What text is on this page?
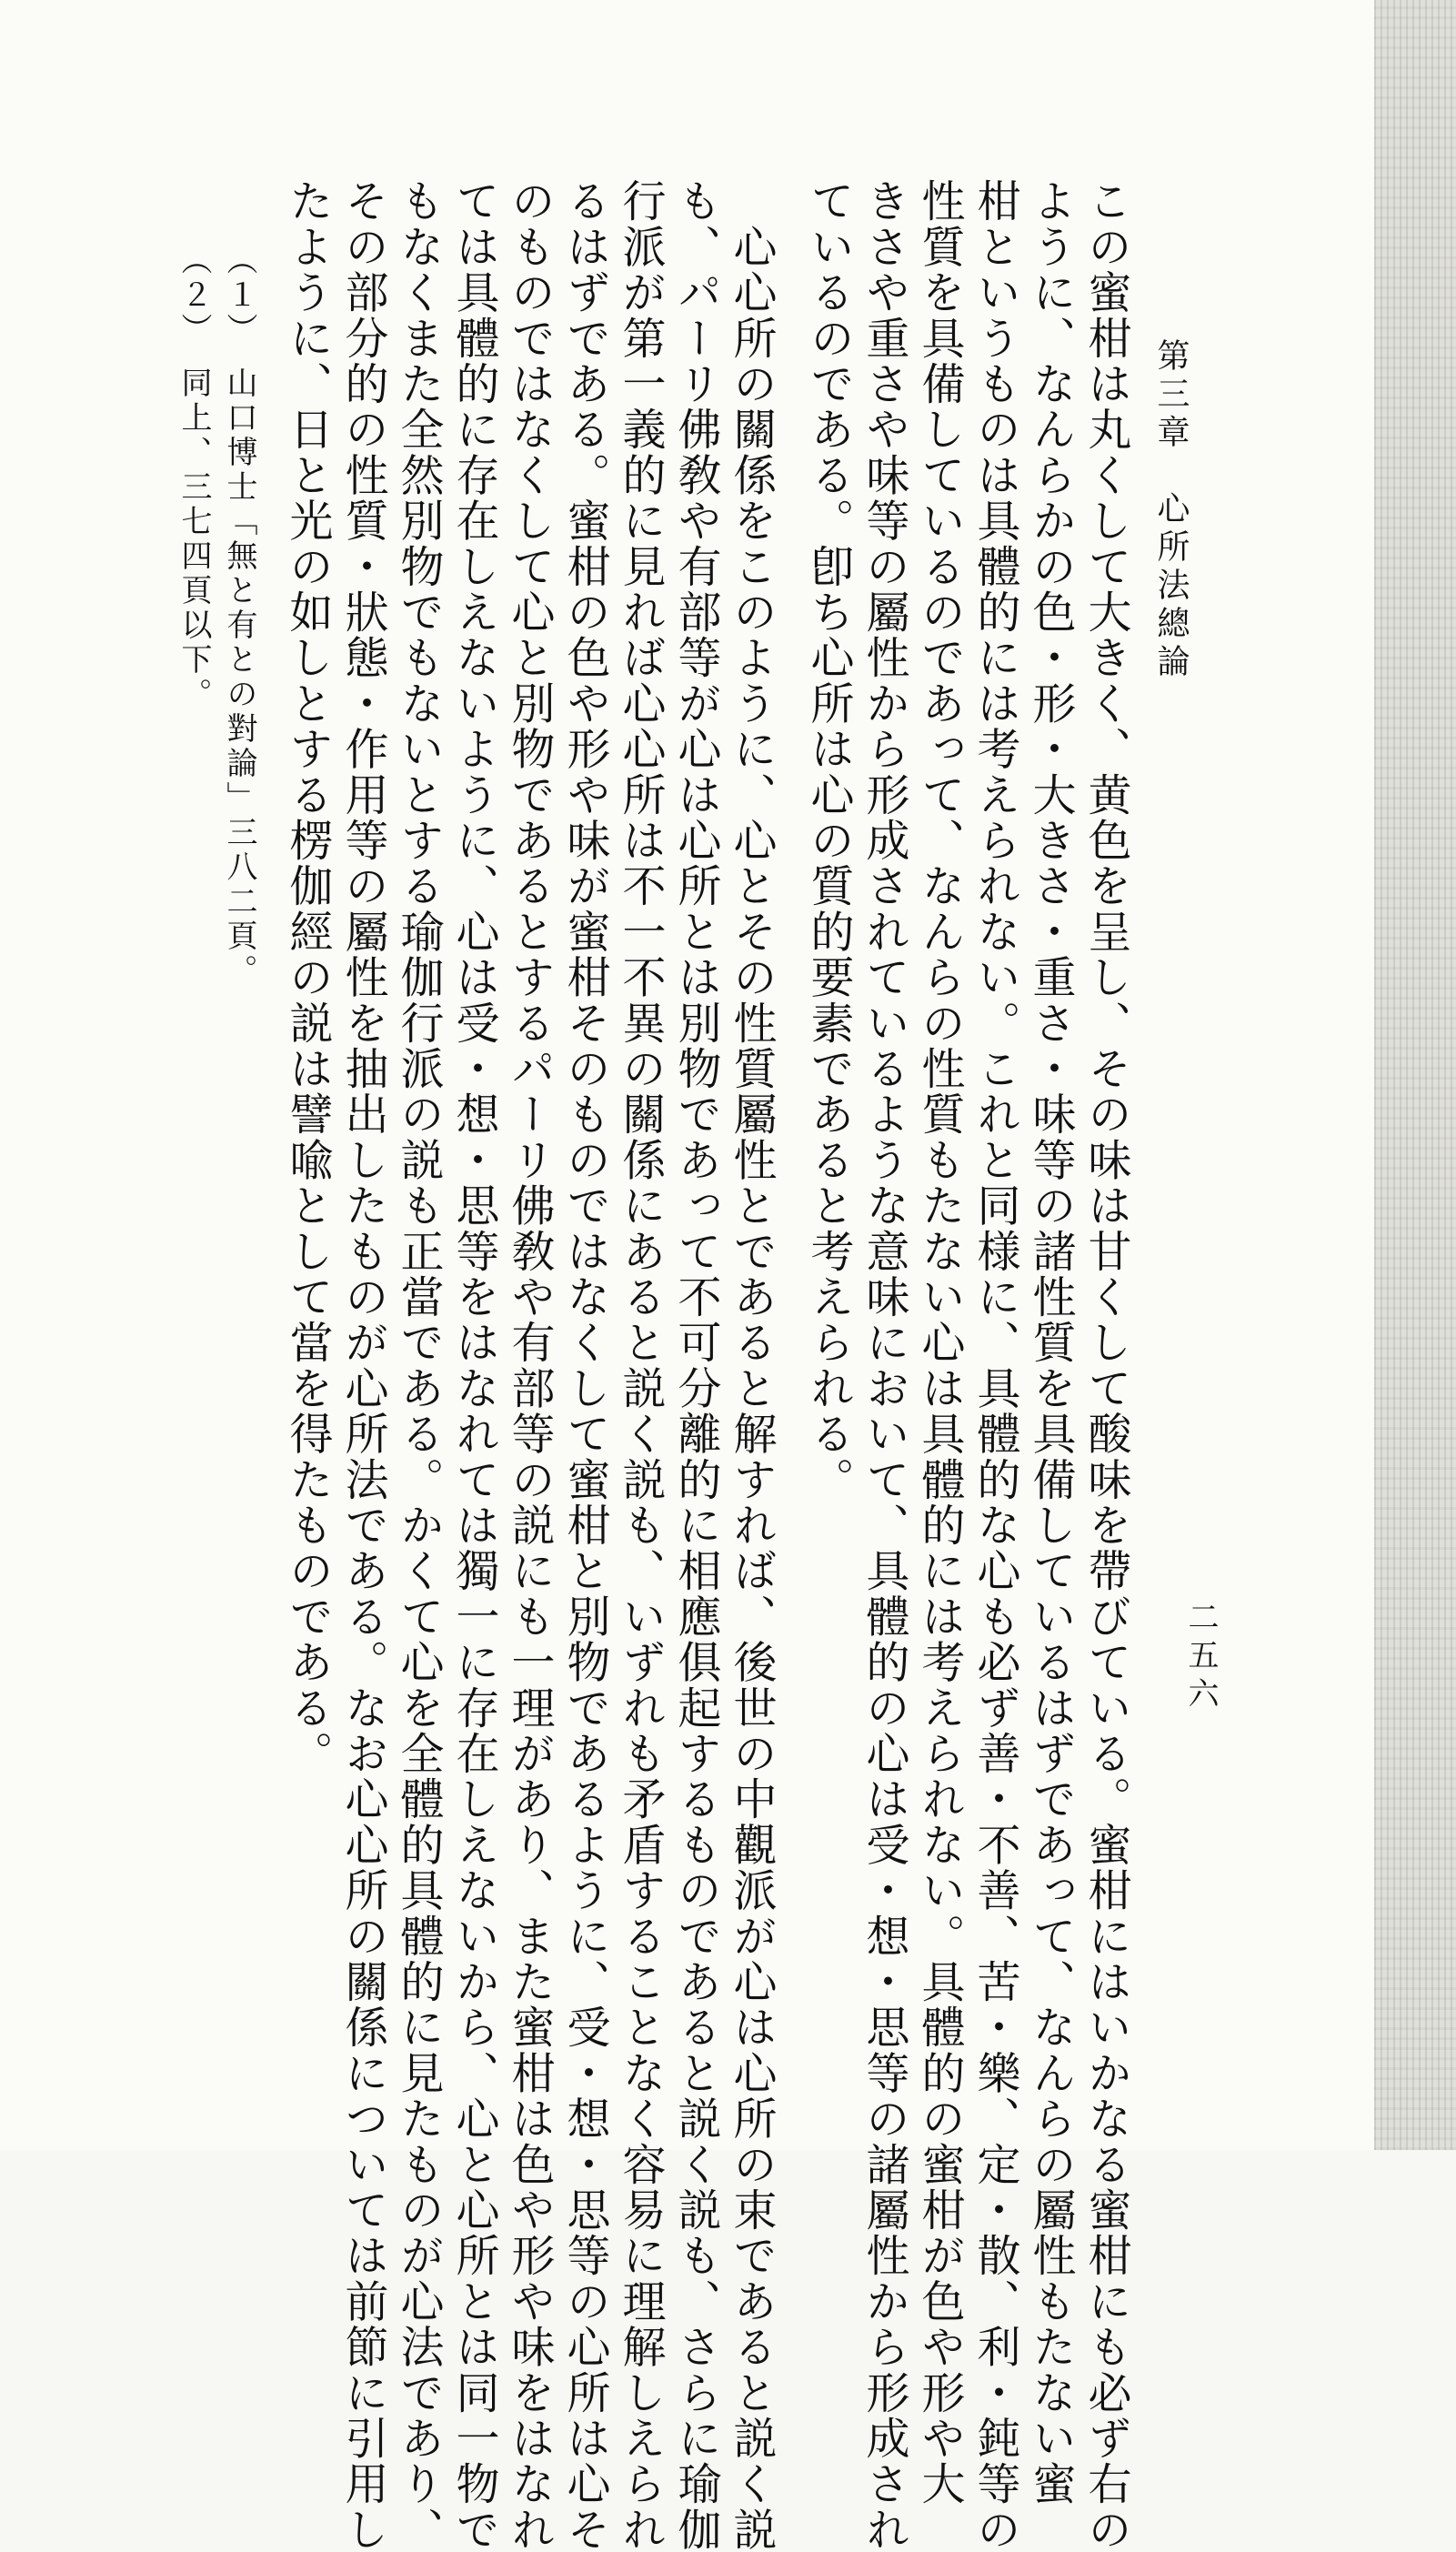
第三章　心所法總論
二五六
この蜜柑は丸くして大きく、黄色を呈し、その味は甘くして酸味を帶びている。蜜柑にはいかなる蜜柑にも必ず右の
ように、なんらかの色・形・大きさ・重さ・味等の諸性質を具備しているはずであって、なんらの屬性もたない蜜
柑というものは具體的には考えられない。これと同様に、具體的な心も必ず善・不善、苦・樂、定・散、利・鈍等の
性質を具備しているのであって、なんらの性質もたない心は具體的には考えられない。具體的の蜜柑が色や形や大
きさや重さや味等の屬性から形成されているような意味において、具體的の心は受・想・思等の諸屬性から形成され
ているのである。卽ち心所は心の質的要素であると考えられる。
　心心所の關係をこのように、心とその性質屬性とであると解すれば、後世の中觀派が心は心所の束であると説く説
も、パーリ佛敎や有部等が心は心所とは別物であって不可分離的に相應俱起するものであると説く説も、さらに瑜伽
行派が第一義的に見れば心心所は不一不異の關係にあると説く説も、いずれも矛盾することなく容易に理解しえられ
るはずである。蜜柑の色や形や味が蜜柑そのものではなくして蜜柑と別物であるように、受・想・思等の心所は心そ
のものではなくして心と別物であるとするパーリ佛敎や有部等の説にも一理があり、また蜜柑は色や形や味をはなれ
ては具體的に存在しえないように、心は受・想・思等をはなれては獨一に存在しえないから、心と心所とは同一物で
もなくまた全然別物でもないとする瑜伽行派の説も正當である。かくて心を全體的具體的に見たものが心法であり、
その部分的の性質・狀態・作用等の屬性を抽出したものが心所法である。なお心心所の關係については前節に引用し
たように、日と光の如しとする楞伽經の説は譬喩として當を得たものである。
（１）　山口博士「無と有との對論」三八二頁。
（２）　同上、三七四頁以下。
